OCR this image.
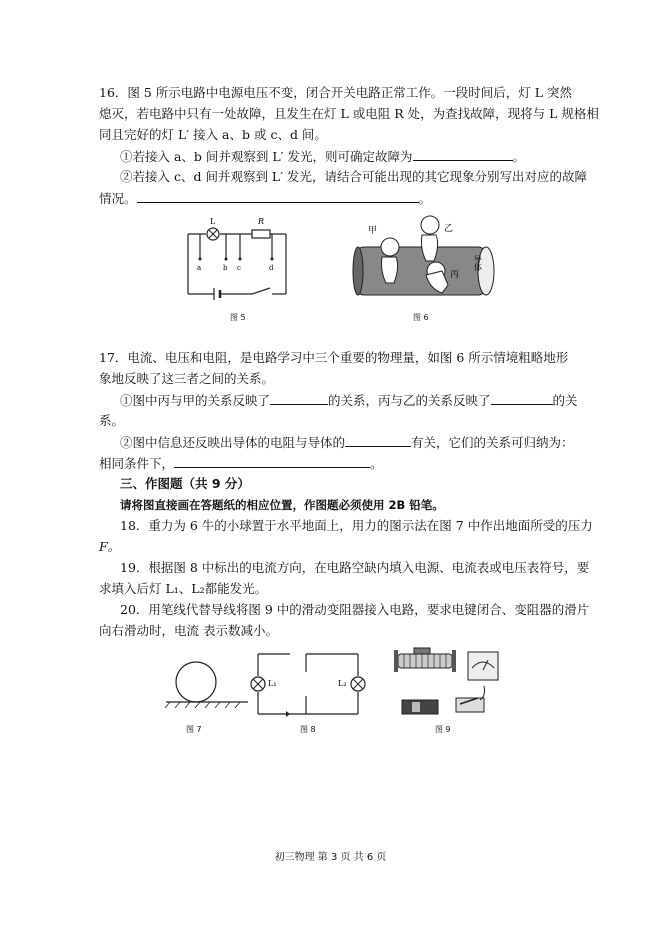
16．图 5 所示电路中电源电压不变，闭合开关电路正常工作。一段时间后，灯 L 突然
熄灭，若电路中只有一处故障，且发生在灯 L 或电阻 R 处，为查找故障，现将与 L 规格相
同且完好的灯 L′ 接入 a、b 或 c、d 间。
①若接入 a、b 间并观察到 L′ 发光，则可确定故障为	。
②若接入 c、d 间并观察到 L′ 发光，请结合可能出现的其它现象分别写出对应的故障
情况。	。
L	R
a	b c	d
图 5
甲	乙
丙
导体
图 6
17．电流、电压和电阻，是电路学习中三个重要的物理量，如图 6 所示情境粗略地形
象地反映了这三者之间的关系。
①图中丙与甲的关系反映了	的关系，丙与乙的关系反映了	的关
系。
②图中信息还反映出导体的电阻与导体的	有关，它们的关系可归纳为：
相同条件下，	。
三、作图题（共 9 分）
请将图直接画在答题纸的相应位置，作图题必须使用 2B 铅笔。
18．重力为 6 牛的小球置于水平地面上，用力的图示法在图 7 中作出地面所受的压力
F。
19．根据图 8 中标出的电流方向，在电路空缺内填入电源、电流表或电压表符号，要
求填入后灯 L₁、L₂都能发光。
20．用笔线代替导线将图 9 中的滑动变阻器接入电路，要求电键闭合、变阻器的滑片
向右滑动时，电流 表示数减小。
图 7
L₁	L₂
图 8	图 9
初三物理 第 3 页 共 6 页
